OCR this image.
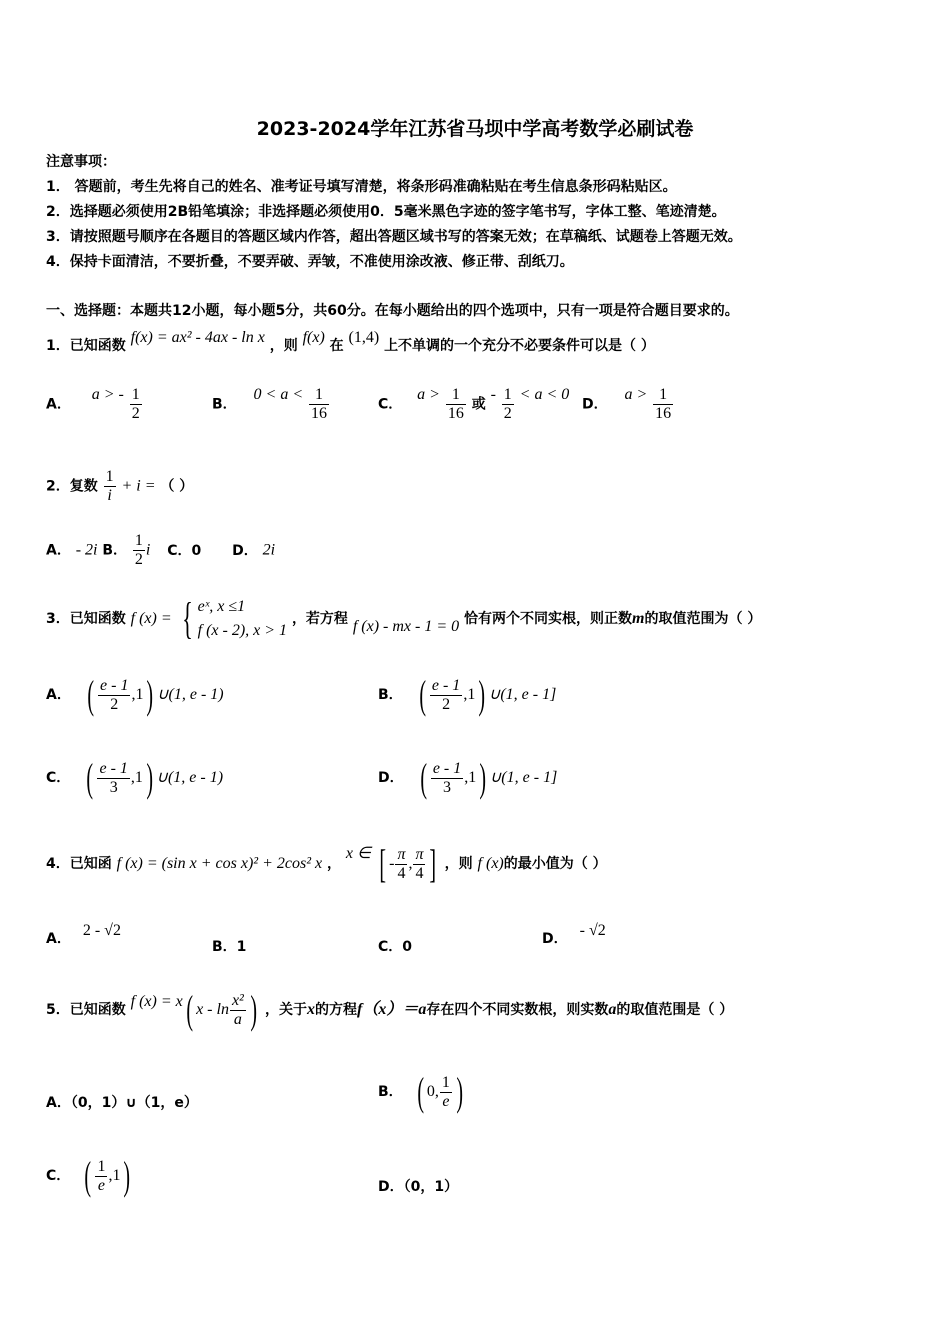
2023-2024学年江苏省马坝中学高考数学必刷试卷
注意事项：
1． 答题前，考生先将自己的姓名、准考证号填写清楚，将条形码准确粘贴在考生信息条形码粘贴区。
2．选择题必须使用2B铅笔填涂；非选择题必须使用0．5毫米黑色字迹的签字笔书写，字体工整、笔迹清楚。
3．请按照题号顺序在各题目的答题区域内作答，超出答题区域书写的答案无效；在草稿纸、试题卷上答题无效。
4．保持卡面清洁，不要折叠，不要弄破、弄皱，不准使用涂改液、修正带、刮纸刀。
一、选择题：本题共12小题，每小题5分，共60分。在每小题给出的四个选项中，只有一项是符合题目要求的。
1．已知函数 f(x) = ax² - 4ax - ln x ，则 f(x) 在 (1,4) 上不单调的一个充分不必要条件可以是（ ）
A． a > - $\frac{1}{2}$	B． $0 < a < \frac{1}{16}$	C． $a > \frac{1}{16}$ 或 - $\frac{1}{2} < a < 0$
D． $a > \frac{1}{16}$
2．复数 $\frac{1}{i} + i$ = （ ）
A． - 2i B． $\frac{1}{2}$ i C．0 D． 2i
3．已知函数 f (x) = { eˣ, x ≤1
f (x - 2), x > 1
，若方程 f (x) - mx - 1 = 0 恰有两个不同实根，则正数m的取值范围为（ ）
A． ( $\frac{e - 1}{2} ,1$) ∪(1, e - 1)	B． ( $\frac{e - 1}{2} ,1$) ∪(1, e - 1]
C． ( $\frac{e - 1}{3} ,1$) ∪(1, e - 1)	D． ( $\frac{e - 1}{3} ,1$) ∪(1, e - 1]
4．已知函 f (x) = (sin x + cos x)² + 2cos² x ， x ∈ [ - $\frac{\pi}{4}$ , $\frac{\pi}{4}$ ] ，则 f (x)的最小值为（ ）
A． 2 - √2
B．1	C．0	D． - √2
5．已知函数 f (x) = x( x - $\ln \frac{\text{x²}}{a}$ ) ，关于x的方程f（x）＝a存在四个不同实数根，则实数a的取值范围是（ ）
A．（0，1）∪（1，e）
B． ( 0, $\frac{1}{e}$ )
C． ( $\frac{1}{e} ,1$)	D．（0，1）
